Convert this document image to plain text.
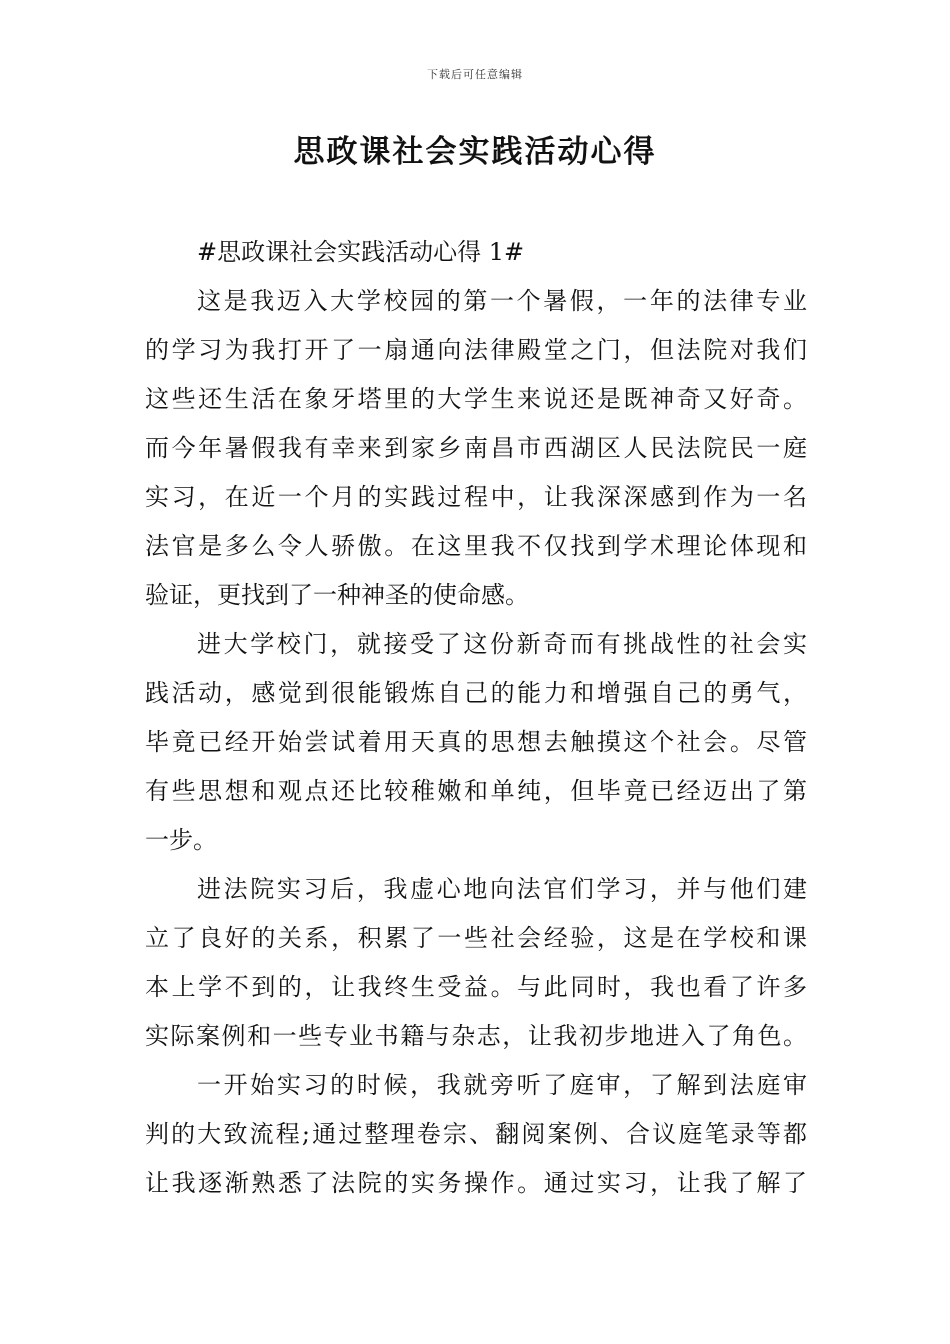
下载后可任意编辑
思政课社会实践活动心得

#思政课社会实践活动心得 1#

这是我迈入大学校园的第一个暑假，一年的法律专业
的学习为我打开了一扇通向法律殿堂之门，但法院对我们
这些还生活在象牙塔里的大学生来说还是既神奇又好奇。
而今年暑假我有幸来到家乡南昌市西湖区人民法院民一庭
实习，在近一个月的实践过程中，让我深深感到作为一名
法官是多么令人骄傲。在这里我不仅找到学术理论体现和
验证，更找到了一种神圣的使命感。

进大学校门，就接受了这份新奇而有挑战性的社会实
践活动，感觉到很能锻炼自己的能力和增强自己的勇气，
毕竟已经开始尝试着用天真的思想去触摸这个社会。尽管
有些思想和观点还比较稚嫩和单纯，但毕竟已经迈出了第
一步。

进法院实习后，我虚心地向法官们学习，并与他们建
立了良好的关系，积累了一些社会经验，这是在学校和课
本上学不到的，让我终生受益。与此同时，我也看了许多
实际案例和一些专业书籍与杂志，让我初步地进入了角色。

一开始实习的时候，我就旁听了庭审，了解到法庭审
判的大致流程;通过整理卷宗、翻阅案例、合议庭笔录等都
让我逐渐熟悉了法院的实务操作。通过实习，让我了解了
